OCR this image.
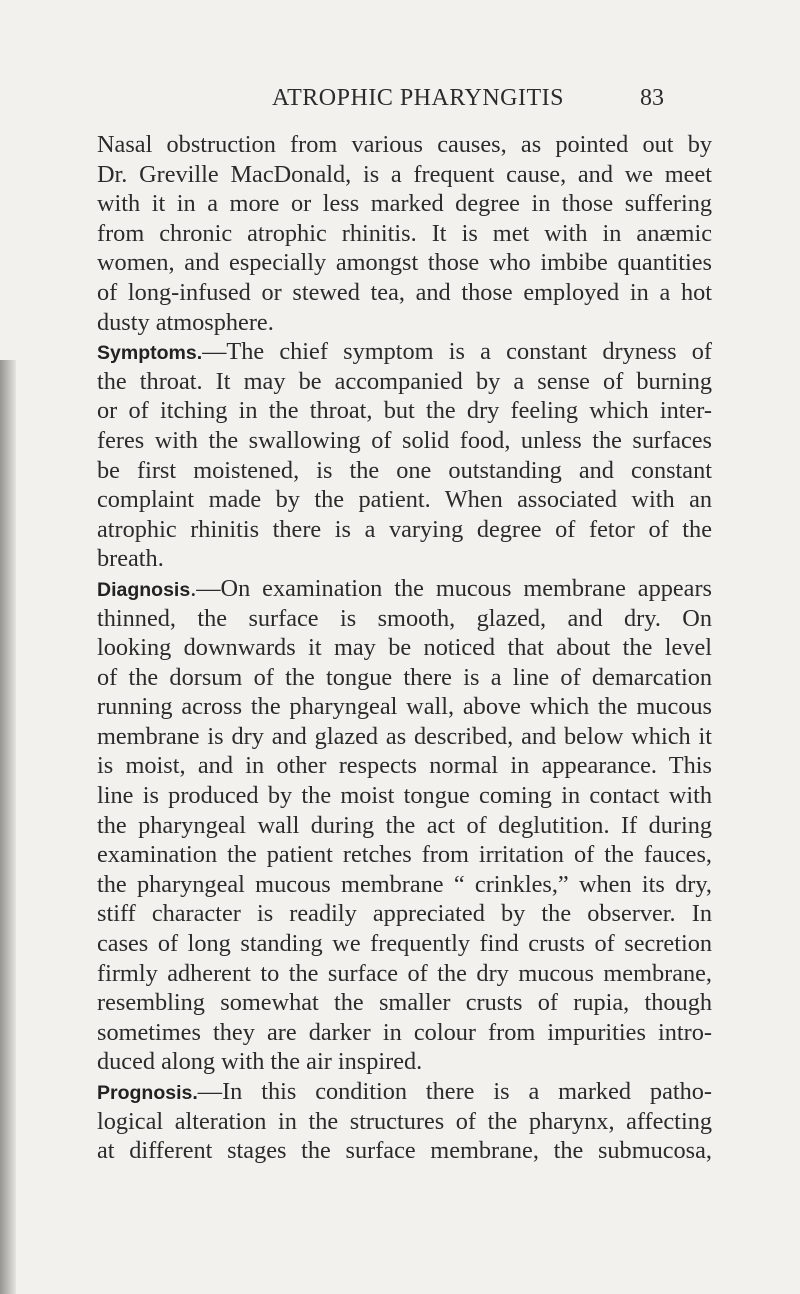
ATROPHIC PHARYNGITIS	83
Nasal obstruction from various causes, as pointed out by
Dr. Greville MacDonald, is a frequent cause, and we meet
with it in a more or less marked degree in those suffering
from chronic atrophic rhinitis. It is met with in anæmic
women, and especially amongst those who imbibe quantities
of long-infused or stewed tea, and those employed in a hot
dusty atmosphere.
Symptoms.—The chief symptom is a constant dryness of
the throat. It may be accompanied by a sense of burning
or of itching in the throat, but the dry feeling which inter-
feres with the swallowing of solid food, unless the surfaces
be first moistened, is the one outstanding and constant
complaint made by the patient. When associated with an
atrophic rhinitis there is a varying degree of fetor of the
breath.
Diagnosis.—On examination the mucous membrane appears
thinned, the surface is smooth, glazed, and dry. On
looking downwards it may be noticed that about the level
of the dorsum of the tongue there is a line of demarcation
running across the pharyngeal wall, above which the mucous
membrane is dry and glazed as described, and below which it
is moist, and in other respects normal in appearance. This
line is produced by the moist tongue coming in contact with
the pharyngeal wall during the act of deglutition. If during
examination the patient retches from irritation of the fauces,
the pharyngeal mucous membrane “ crinkles,” when its dry,
stiff character is readily appreciated by the observer. In
cases of long standing we frequently find crusts of secretion
firmly adherent to the surface of the dry mucous membrane,
resembling somewhat the smaller crusts of rupia, though
sometimes they are darker in colour from impurities intro-
duced along with the air inspired.
Prognosis.—In this condition there is a marked patho-
logical alteration in the structures of the pharynx, affecting
at different stages the surface membrane, the submucosa,
